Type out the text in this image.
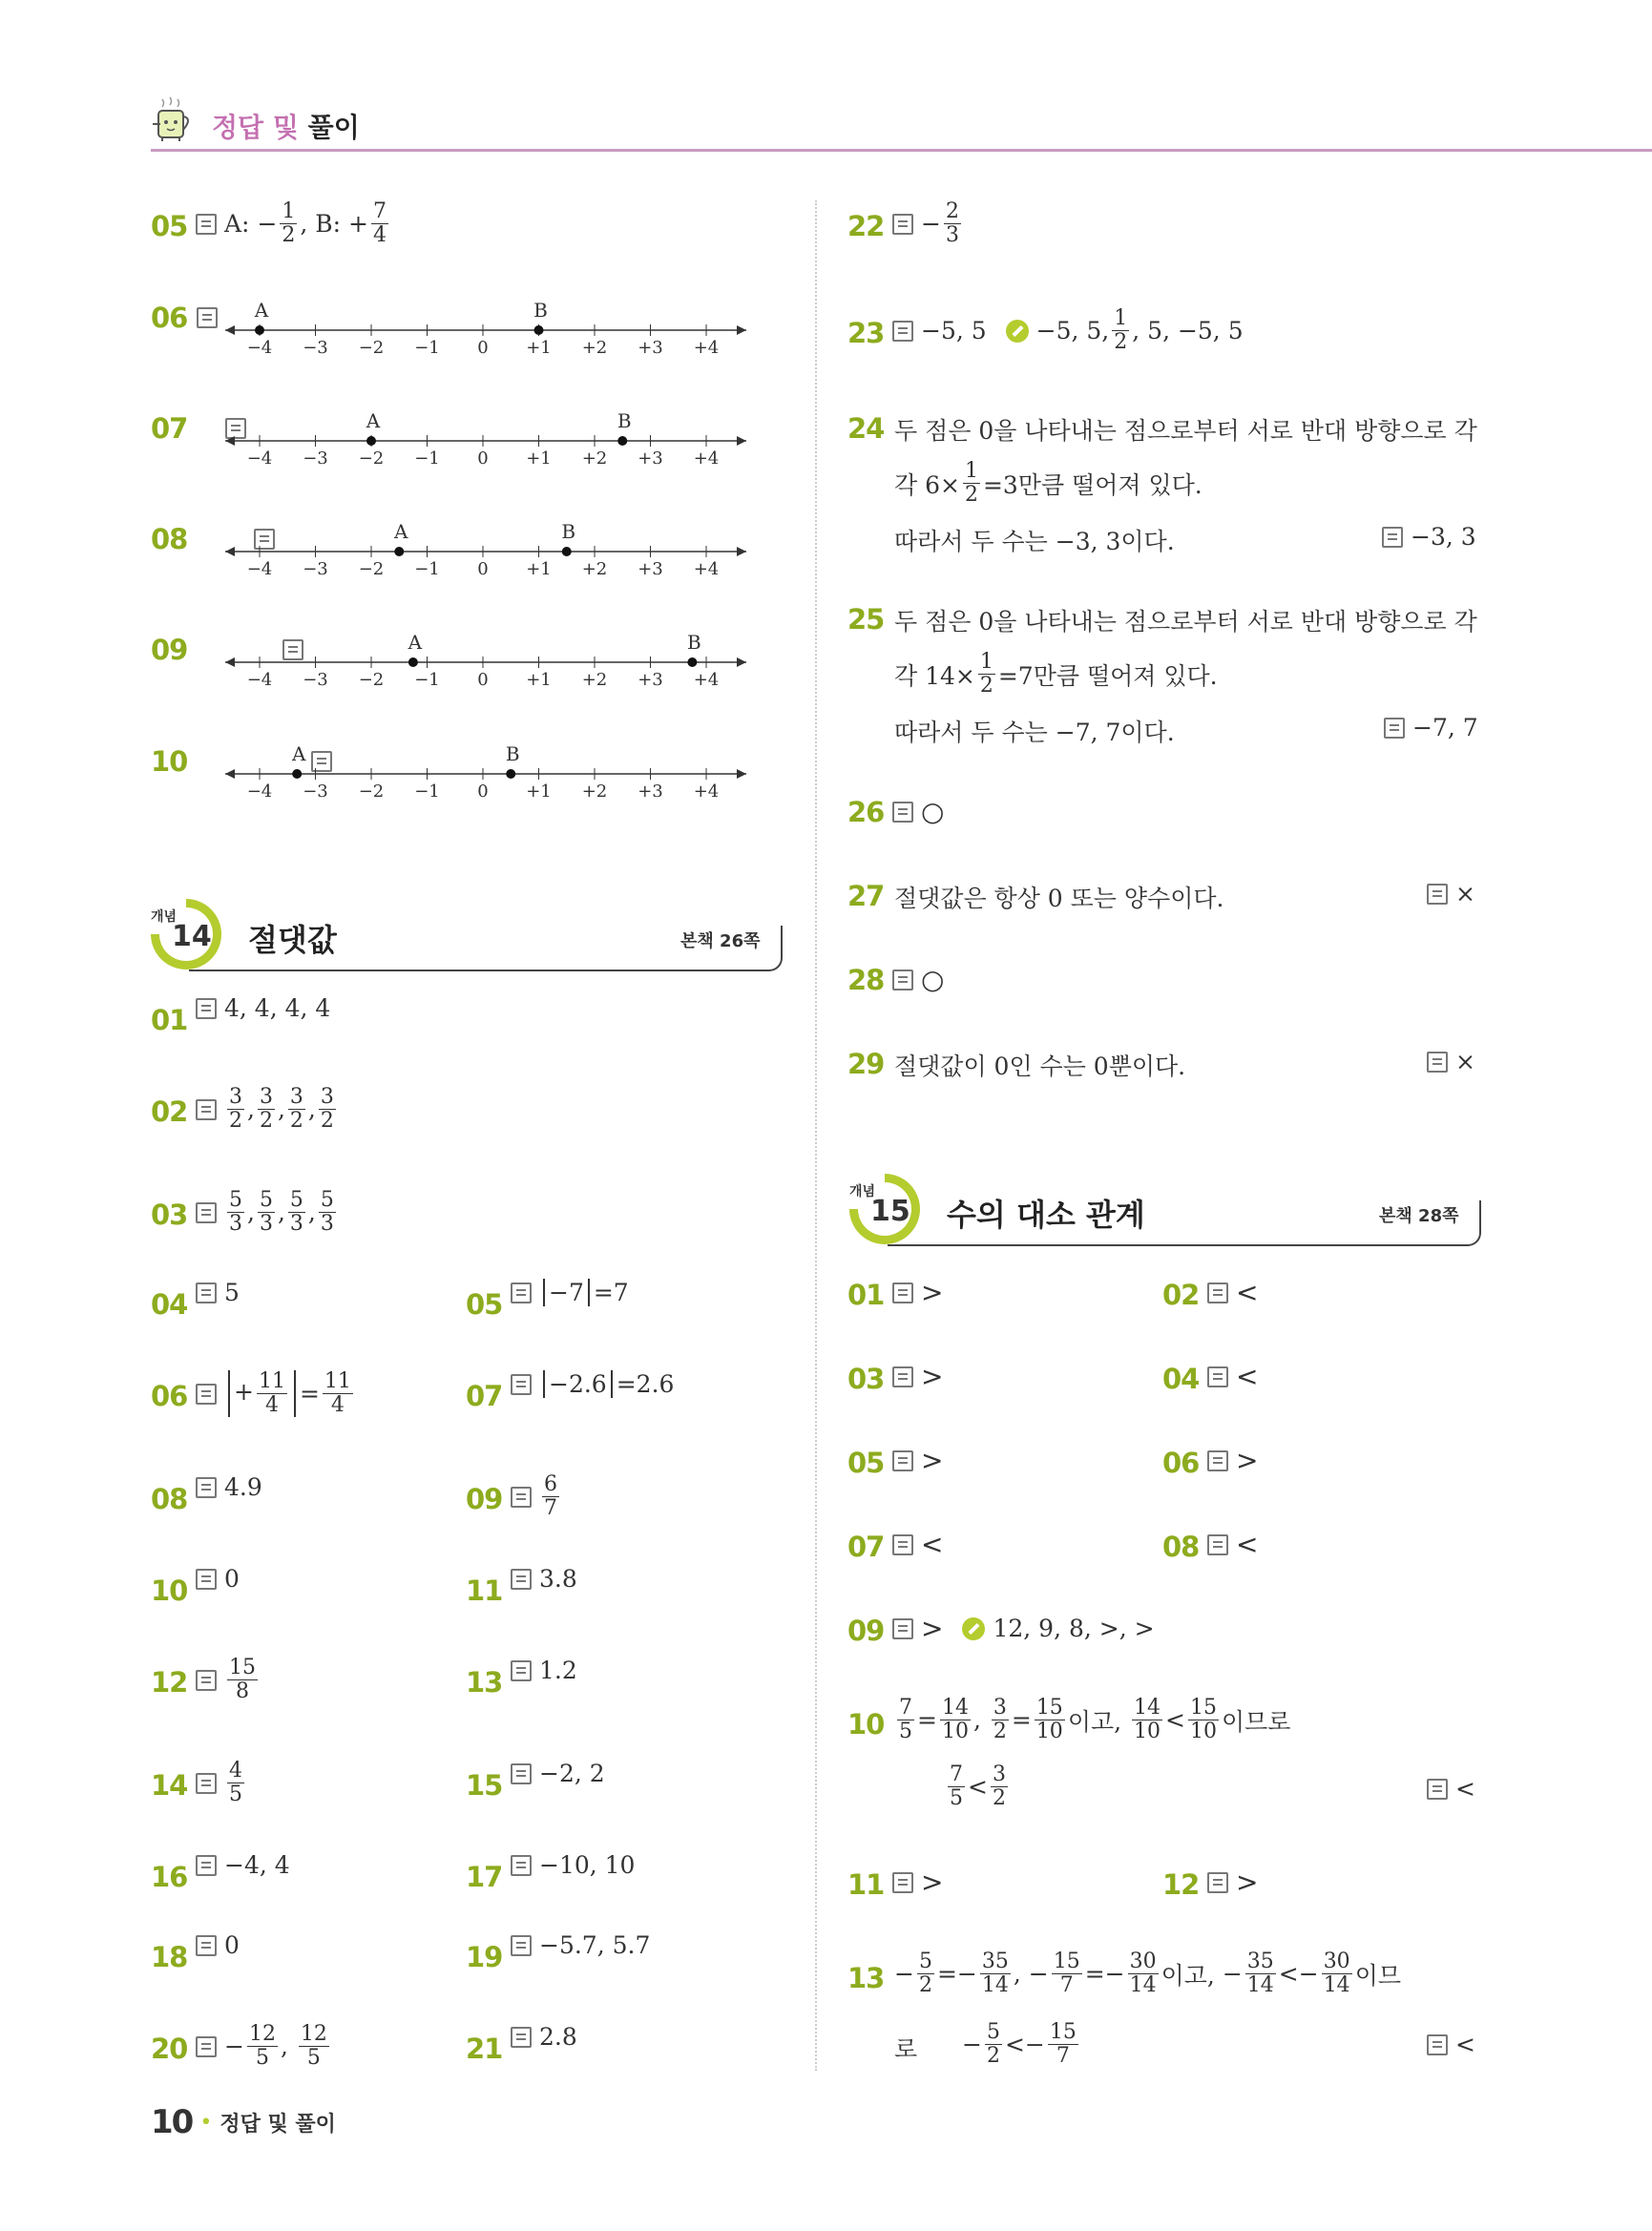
정답 및 풀이
05 A:
− $\frac{1}{2}$ , B: + $\frac{7}{4}$
06
−4 −3 −2 −1 0 +1 +2 +3 +4
A	B
07
−4 −3 −2 −1 0 +1 +2 +3 +4
A	B
08
−4 −3 −2 −1 0 +1 +2 +3 +4
A	B
09
−4 −3 −2 −1 0 +1 +2 +3 +4
A	B
10
−4 −3 −2 −1 0 +1 +2 +3 +4
A	B
개념
14 절댓값	본책 26쪽
01 4, 4, 4, 4
$02 \frac{3}{2}$ , $\frac{3}{2}$ , $\frac{3}{2}$ , $\frac{3}{2}$
$03 \frac{5}{3}$ , $\frac{5}{3}$ , $\frac{5}{3}$ , $\frac{5}{3}$
04 5	05 −7 =7
$06 + \frac{11}{4} = \frac{11}{4}$	07 −2.6 =2.6
08 4.9	$09 \frac{6}{7}$
10 0	11 3.8
$12 \frac{15}{8}$	13 1.2
$14 \frac{4}{5}$	15 −2, 2
16 −4, 4	17 −10, 10
18 0	19 −5.7, 5.7
$20 - \frac{12}{5}$ ,
$\frac{12}{5}$	21 2.8
$22 - \frac{2}{3}$
23 −5, 5 −5, 5, $\frac{1}{2}$ , 5, −5, 5
24 두 점은 0을 나타내는 점으로부터 서로 반대 방향으로 각
각 $6\times \frac{1}{2} =3$만큼 떨어져 있다.
따라서 두 수는 −3, 3이다.	−3, 3
25 두 점은 0을 나타내는 점으로부터 서로 반대 방향으로 각
각 $14\times \frac{1}{2} =7$만큼 떨어져 있다.
따라서 두 수는 −7, 7이다.	−7, 7
26 ○
27 절댓값은 항상 0 또는 양수이다.	×
28 ○
29 절댓값이 0인 수는 0뿐이다.	×
개념
15 수의 대소 관계	본책 28쪽
01 >	02 <
03 >	04 <
05 >	06 >
07 <	08 <
09 > 12, 9, 8, >, >
11 >	12 >
$10 \frac{7}{5} = \frac{14}{10}$ ,
$\frac{3}{2} = \frac{15}{10}$ 이고,
$\frac{14}{10} < \frac{15}{10}$ 이므로
$\frac{7}{5} < \frac{3}{2}$	<
$13 - \frac{5}{2} =- \frac{35}{14}$ ,
− $\frac{15}{7} =- \frac{30}{14}$ 이고,
− $\frac{35}{14} <- \frac{30}{14}$ 이므
로 − $\frac{5}{2} <- \frac{15}{7}$	<
10 • 정답 및 풀이
